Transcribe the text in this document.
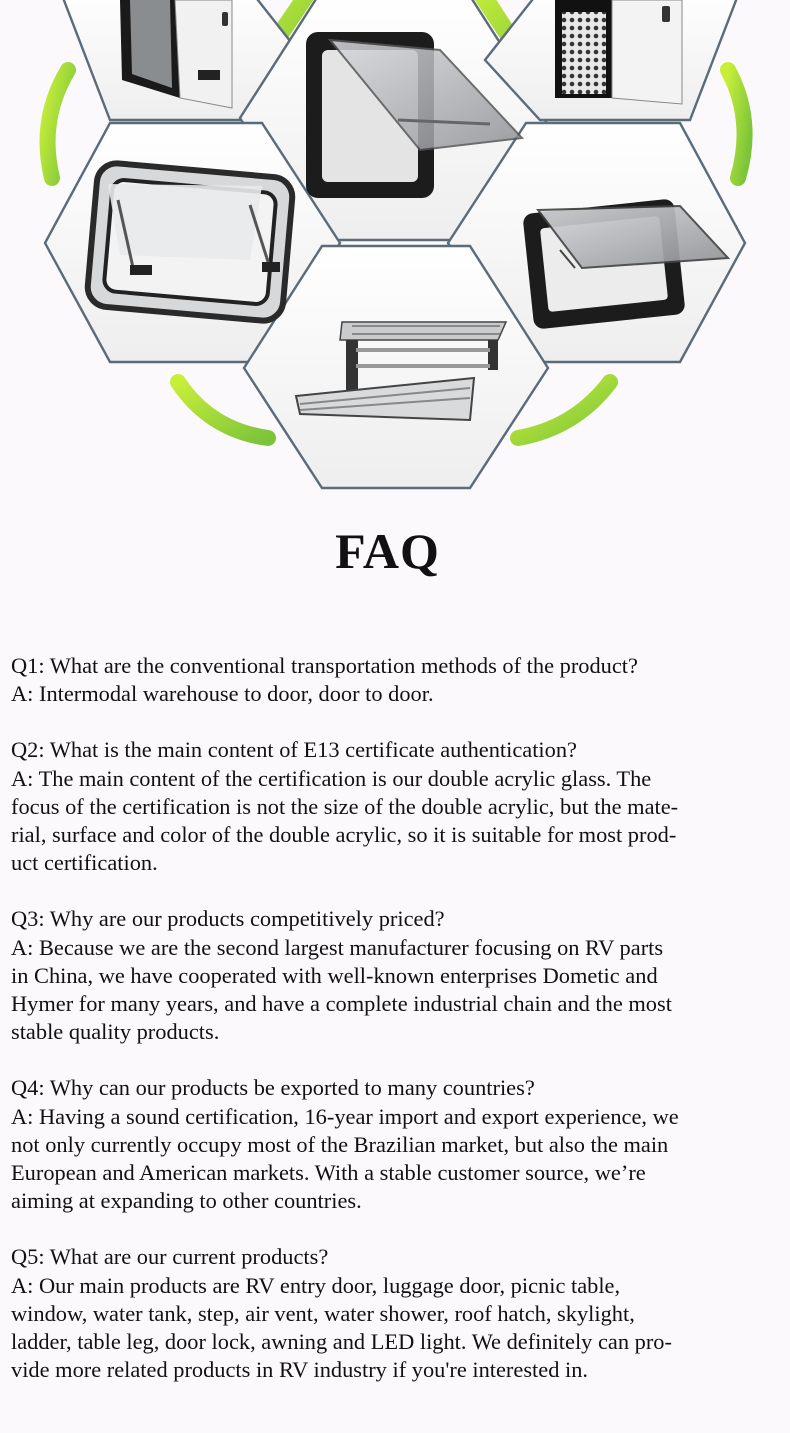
FAQ

Q1: What are the conventional transportation methods of the product?

A: Intermodal warehouse to door, door to door.

Q2: What is the main content of E13 certificate authentication?

A: The main content of the certification is our double acrylic glass. The

focus of the certification is not the size of the double acrylic, but the mate-

rial, surface and color of the double acrylic, so it is suitable for most prod-

uct certification.

Q3: Why are our products competitively priced?

A: Because we are the second largest manufacturer focusing on RV parts

in China, we have cooperated with well-known enterprises Dometic and

Hymer for many years, and have a complete industrial chain and the most

stable quality products.

Q4: Why can our products be exported to many countries?

A: Having a sound certification, 16-year import and export experience, we

not only currently occupy most of the Brazilian market, but also the main

European and American markets. With a stable customer source, we’re

aiming at expanding to other countries.

Q5: What are our current products?

A: Our main products are RV entry door, luggage door, picnic table,

window, water tank, step, air vent, water shower, roof hatch, skylight,

ladder, table leg, door lock, awning and LED light. We definitely can pro-

vide more related products in RV industry if you're interested in.
